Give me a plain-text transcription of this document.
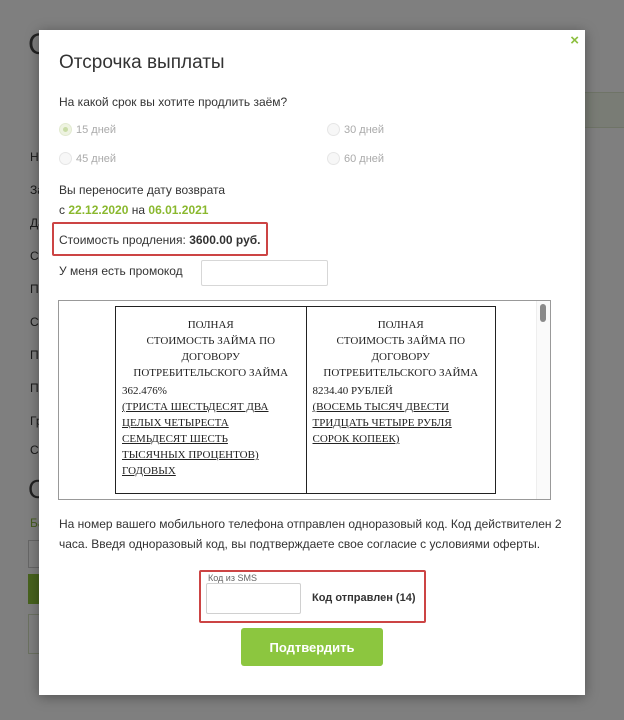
×
Отсрочка выплаты
На какой срок вы хотите продлить заём?
15 дней	30 дней
45 дней	60 дней
Вы переносите дату возврата
с 22.12.2020 на 06.01.2021
Стоимость продления: 3600.00 руб.
У меня есть промокод
ПОЛНАЯ
СТОИМОСТЬ ЗАЙМА ПО
ДОГОВОРУ
ПОТРЕБИТЕЛЬСКОГО ЗАЙМА
362.476%
(ТРИСТА ШЕСТЬДЕСЯТ ДВА
ЦЕЛЫХ ЧЕТЫРЕСТА
СЕМЬДЕСЯТ ШЕСТЬ
ТЫСЯЧНЫХ ПРОЦЕНТОВ)
ГОДОВЫХ
ПОЛНАЯ
СТОИМОСТЬ ЗАЙМА ПО
ДОГОВОРУ
ПОТРЕБИТЕЛЬСКОГО ЗАЙМА
8234.40 РУБЛЕЙ
(ВОСЕМЬ ТЫСЯЧ ДВЕСТИ
ТРИДЦАТЬ ЧЕТЫРЕ РУБЛЯ
СОРОК КОПЕЕК)
На номер вашего мобильного телефона отправлен одноразовый код. Код действителен 2 часа. Введя одноразовый код, вы подтверждаете свое согласие с условиями оферты.
Код из SMS
Код отправлен (14)
Подтвердить
